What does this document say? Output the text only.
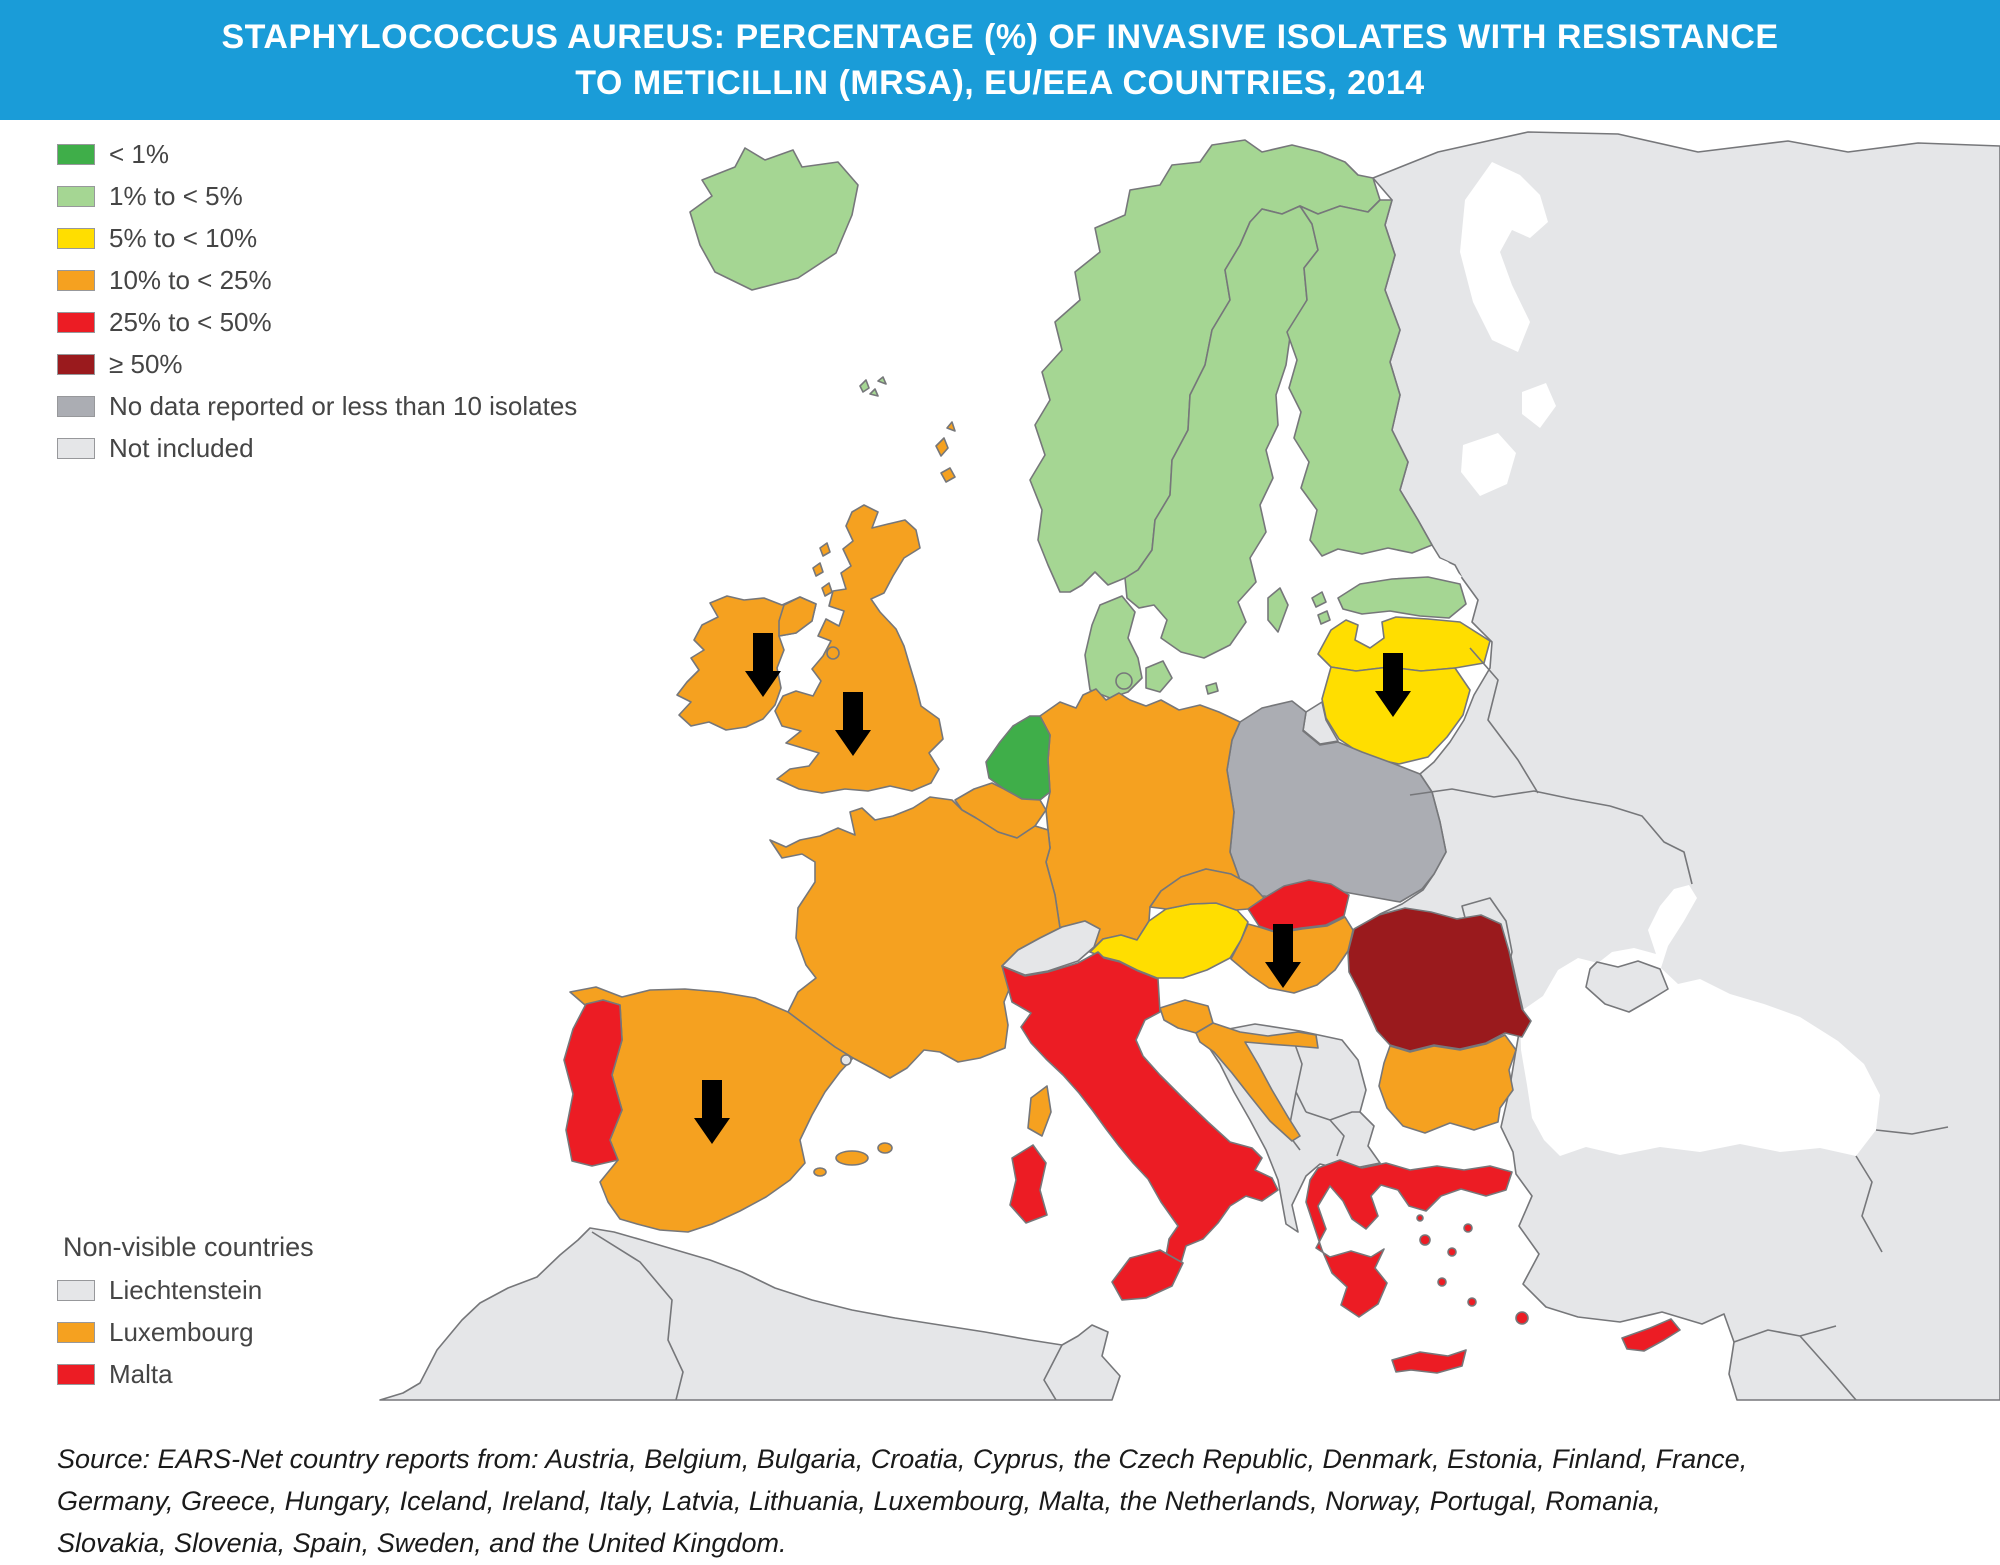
STAPHYLOCOCCUS AUREUS: PERCENTAGE (%) OF INVASIVE ISOLATES WITH RESISTANCE
TO METICILLIN (MRSA), EU/EEA COUNTRIES, 2014
< 1%
1% to < 5%
5% to < 10%
10% to < 25%
25% to < 50%
≥ 50%
No data reported or less than 10 isolates
Not included
Non-visible countries
Liechtenstein
Luxembourg
Malta
Source: EARS-Net country reports from: Austria, Belgium, Bulgaria, Croatia, Cyprus, the Czech Republic, Denmark, Estonia, Finland, France, Germany, Greece, Hungary, Iceland, Ireland, Italy, Latvia, Lithuania, Luxembourg, Malta, the Netherlands, Norway, Portugal, Romania, Slovakia, Slovenia, Spain, Sweden, and the United Kingdom.
